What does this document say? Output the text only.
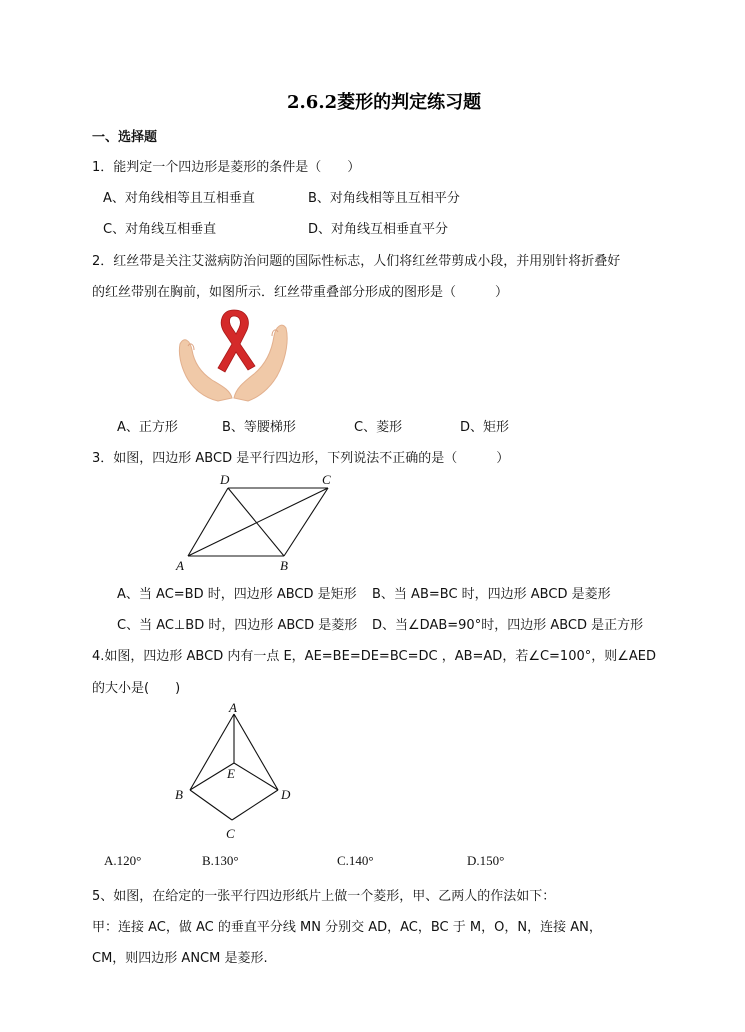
2.6.2菱形的判定练习题
一、选择题
1．能判定一个四边形是菱形的条件是（　　）
A、对角线相等且互相垂直	B、对角线相等且互相平分
C、对角线互相垂直	D、对角线互相垂直平分
2．红丝带是关注艾滋病防治问题的国际性标志，人们将红丝带剪成小段，并用别针将折叠好
的红丝带别在胸前，如图所示．红丝带重叠部分形成的图形是（　　　）
A、正方形	B、等腰梯形	C、菱形	D、矩形
3．如图，四边形 ABCD 是平行四边形，下列说法不正确的是（　　　）
A	B
C
D
A、当 AC=BD 时，四边形 ABCD 是矩形 B、当 AB=BC 时，四边形 ABCD 是菱形
C、当 AC⊥BD 时，四边形 ABCD 是菱形 D、当∠DAB=90°时，四边形 ABCD 是正方形
4.如图，四边形 ABCD 内有一点 E，AE=BE=DE=BC=DC ，AB=AD，若∠C=100°，则∠AED
的大小是(　　)
A
B
C
D
E
A.120°	B.130°	C.140°	D.150°
5、如图，在给定的一张平行四边形纸片上做一个菱形，甲、乙两人的作法如下：
甲：连接 AC，做 AC 的垂直平分线 MN 分别交 AD，AC，BC 于 M，O，N，连接 AN，
CM，则四边形 ANCM 是菱形.
